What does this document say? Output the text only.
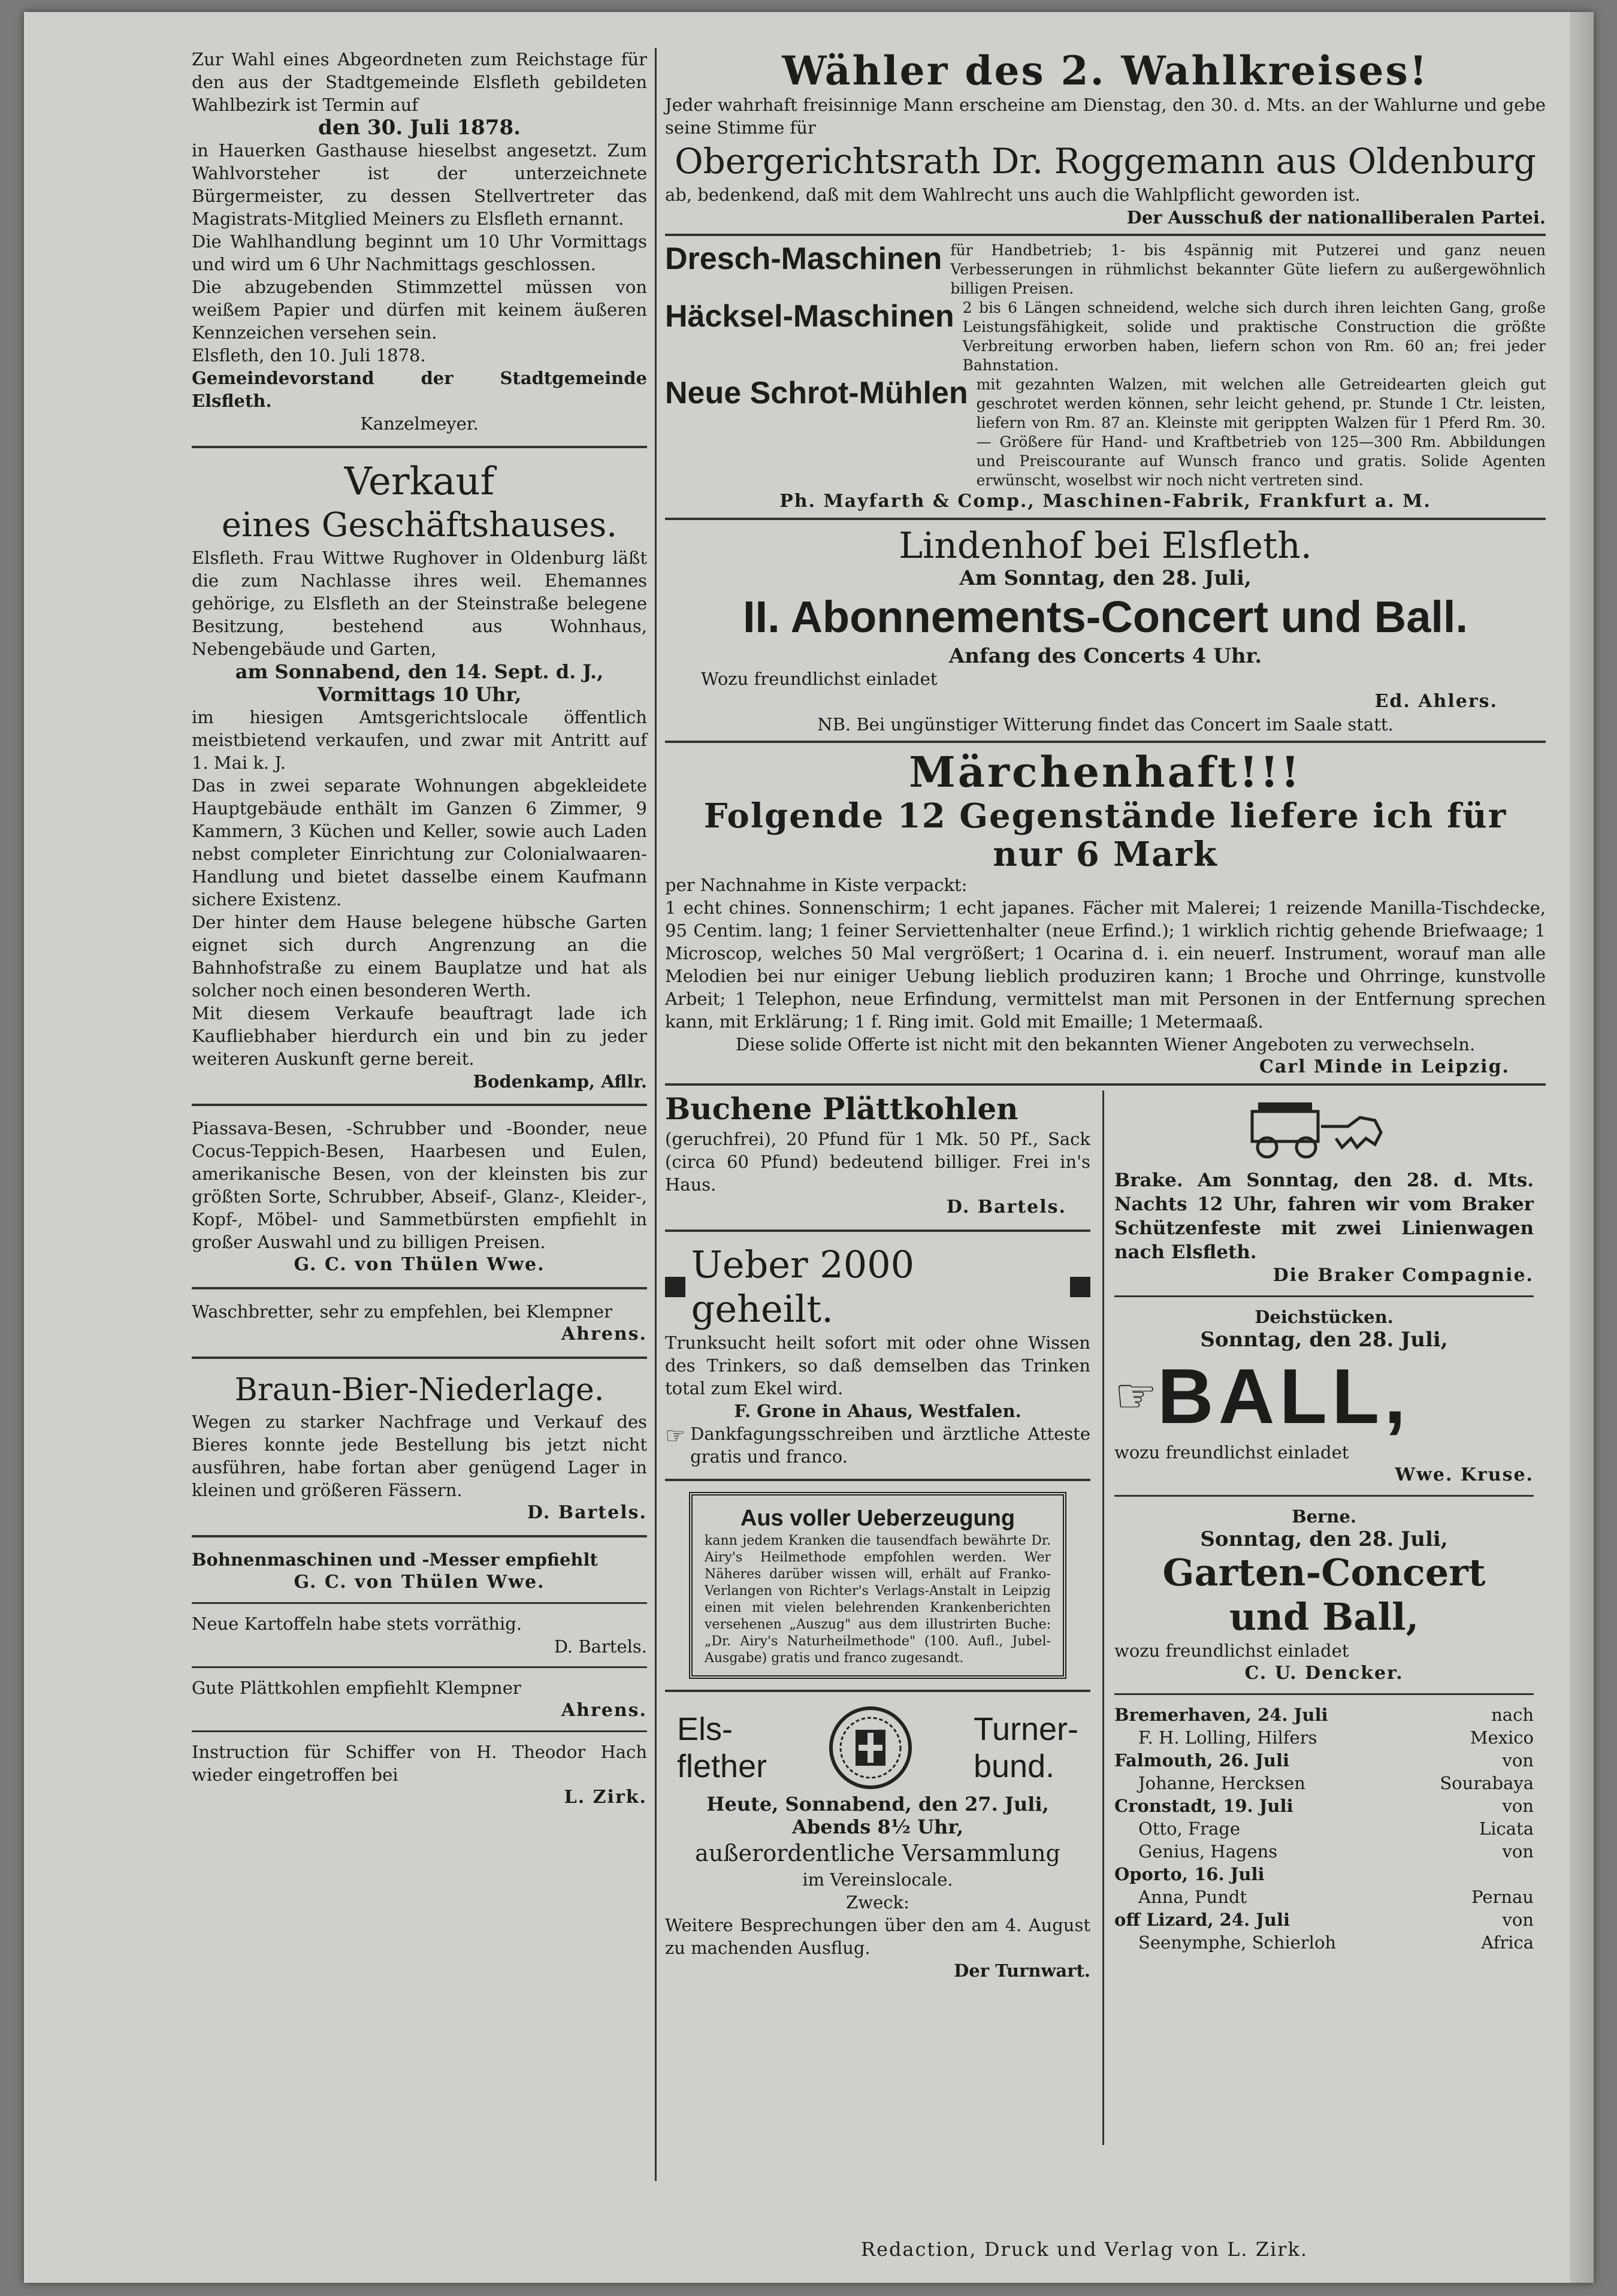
Zur Wahl eines Abgeordneten zum Reichstage für den aus der Stadtgemeinde Elsfleth gebildeten Wahlbezirk ist Termin auf

den 30. Juli 1878.

in Hauerken Gasthause hieselbst angesetzt. Zum Wahlvorsteher ist der unterzeichnete Bürgermeister, zu dessen Stellvertreter das Magistrats-Mitglied Meiners zu Elsfleth ernannt.

Die Wahlhandlung beginnt um 10 Uhr Vormittags und wird um 6 Uhr Nachmittags geschlossen.

Die abzugebenden Stimmzettel müssen von weißem Papier und dürfen mit keinem äußeren Kennzeichen versehen sein.

Elsfleth, den 10. Juli 1878.

Gemeindevorstand der Stadtgemeinde Elsfleth.

Kanzelmeyer.

Verkauf

eines Geschäftshauses.

Elsfleth. Frau Wittwe Rughover in Oldenburg läßt die zum Nachlasse ihres weil. Ehemannes gehörige, zu Elsfleth an der Steinstraße belegene Besitzung, bestehend aus Wohnhaus, Nebengebäude und Garten,

am Sonnabend, den 14. Sept. d. J., Vormittags 10 Uhr,

im hiesigen Amtsgerichtslocale öffentlich meistbietend verkaufen, und zwar mit Antritt auf 1. Mai k. J.

Das in zwei separate Wohnungen abgekleidete Hauptgebäude enthält im Ganzen 6 Zimmer, 9 Kammern, 3 Küchen und Keller, sowie auch Laden nebst completer Einrichtung zur Colonialwaaren-Handlung und bietet dasselbe einem Kaufmann sichere Existenz.

Der hinter dem Hause belegene hübsche Garten eignet sich durch Angrenzung an die Bahnhofstraße zu einem Bauplatze und hat als solcher noch einen besonderen Werth.

Mit diesem Verkaufe beauftragt lade ich Kaufliebhaber hierdurch ein und bin zu jeder weiteren Auskunft gerne bereit.

Bodenkamp, Afllr.

Piassava-Besen, -Schrubber und -Boonder, neue Cocus-Teppich-Besen, Haarbesen und Eulen, amerikanische Besen, von der kleinsten bis zur größten Sorte, Schrubber, Abseif-, Glanz-, Kleider-, Kopf-, Möbel- und Sammetbürsten empfiehlt in großer Auswahl und zu billigen Preisen.

G. C. von Thülen Wwe.

Waschbretter, sehr zu empfehlen, bei Klempner

Ahrens.

Braun-Bier-Niederlage.

Wegen zu starker Nachfrage und Verkauf des Bieres konnte jede Bestellung bis jetzt nicht ausführen, habe fortan aber genügend Lager in kleinen und größeren Fässern.

D. Bartels.

Bohnenmaschinen und -Messer empfiehlt

G. C. von Thülen Wwe.

Neue Kartoffeln habe stets vorräthig.

D. Bartels.

Gute Plättkohlen empfiehlt Klempner

Ahrens.

Instruction für Schiffer von H. Theodor Hach wieder eingetroffen bei

L. Zirk.

Wähler des 2. Wahlkreises!

Jeder wahrhaft freisinnige Mann erscheine am Dienstag, den 30. d. Mts. an der Wahlurne und gebe seine Stimme für

Obergerichtsrath Dr. Roggemann aus Oldenburg

ab, bedenkend, daß mit dem Wahlrecht uns auch die Wahlpflicht geworden ist.

Der Ausschuß der nationalliberalen Partei.

Dresch-Maschinen für Handbetrieb; 1- bis 4spännig mit Putzerei und ganz neuen Verbesserungen in rühmlichst bekannter Güte liefern zu außergewöhnlich billigen Preisen.

Häcksel-Maschinen 2 bis 6 Längen schneidend, welche sich durch ihren leichten Gang, große Leistungsfähigkeit, solide und praktische Construction die größte Verbreitung erworben haben, liefern schon von Rm. 60 an; frei jeder Bahnstation.

Neue Schrot-Mühlen mit gezahnten Walzen, mit welchen alle Getreidearten gleich gut geschrotet werden können, sehr leicht gehend, pr. Stunde 1 Ctr. leisten, liefern von Rm. 87 an. Kleinste mit gerippten Walzen für 1 Pferd Rm. 30. — Größere für Hand- und Kraftbetrieb von 125—300 Rm. Abbildungen und Preiscourante auf Wunsch franco und gratis. Solide Agenten erwünscht, woselbst wir noch nicht vertreten sind.

Ph. Mayfarth & Comp., Maschinen-Fabrik, Frankfurt a. M.

Lindenhof bei Elsfleth.

Am Sonntag, den 28. Juli,

II. Abonnements-Concert und Ball.

Anfang des Concerts 4 Uhr.

Wozu freundlichst einladet

Ed. Ahlers.

NB. Bei ungünstiger Witterung findet das Concert im Saale statt.

Märchenhaft!!!

Folgende 12 Gegenstände liefere ich für

nur 6 Mark

per Nachnahme in Kiste verpackt:

1 echt chines. Sonnenschirm; 1 echt japanes. Fächer mit Malerei; 1 reizende Manilla-Tischdecke, 95 Centim. lang; 1 feiner Serviettenhalter (neue Erfind.); 1 wirklich richtig gehende Briefwaage; 1 Microscop, welches 50 Mal vergrößert; 1 Ocarina d. i. ein neuerf. Instrument, worauf man alle Melodien bei nur einiger Uebung lieblich produziren kann; 1 Broche und Ohrringe, kunstvolle Arbeit; 1 Telephon, neue Erfindung, vermittelst man mit Personen in der Entfernung sprechen kann, mit Erklärung; 1 f. Ring imit. Gold mit Emaille; 1 Metermaaß.

Diese solide Offerte ist nicht mit den bekannten Wiener Angeboten zu verwechseln.

Carl Minde in Leipzig.

Buchene Plättkohlen

(geruchfrei), 20 Pfund für 1 Mk. 50 Pf., Sack (circa 60 Pfund) bedeutend billiger. Frei in's Haus.

D. Bartels.

Ueber 2000 geheilt.

Trunksucht heilt sofort mit oder ohne Wissen des Trinkers, so daß demselben das Trinken total zum Ekel wird.

F. Grone in Ahaus, Westfalen.

☞ Dankfagungsschreiben und ärztliche Atteste gratis und franco.

Aus voller Ueberzeugung

kann jedem Kranken die tausendfach bewährte Dr. Airy's Heilmethode empfohlen werden. Wer Näheres darüber wissen will, erhält auf Franko-Verlangen von Richter's Verlags-Anstalt in Leipzig einen mit vielen belehrenden Krankenberichten versehenen „Auszug" aus dem illustrirten Buche: „Dr. Airy's Naturheilmethode" (100. Aufl., Jubel-Ausgabe) gratis und franco zugesandt.

Els-

flether

Turner-

bund.

Heute, Sonnabend, den 27. Juli, Abends 8½ Uhr,

außerordentliche Versammlung

im Vereinslocale.

Zweck:

Weitere Besprechungen über den am 4. August zu machenden Ausflug.

Der Turnwart.

Brake. Am Sonntag, den 28. d. Mts. Nachts 12 Uhr, fahren wir vom Braker Schützenfeste mit zwei Linienwagen nach Elsfleth.

Die Braker Compagnie.

Deichstücken.

Sonntag, den 28. Juli,

☞ BALL,

wozu freundlichst einladet

Wwe. Kruse.

Berne.

Sonntag, den 28. Juli,

Garten-Concert

und Ball,

wozu freundlichst einladet

C. U. Dencker.

Bremerhaven, 24. Juli	nach

F. H. Lolling, Hilfers	Mexico

Falmouth, 26. Juli	von

Johanne, Hercksen	Sourabaya

Cronstadt, 19. Juli	von

Otto, Frage	Licata

Genius, Hagens	von

Oporto, 16. Juli

Anna, Pundt	Pernau

off Lizard, 24. Juli	von

Seenymphe, Schierloh	Africa

Redaction, Druck und Verlag von L. Zirk.
